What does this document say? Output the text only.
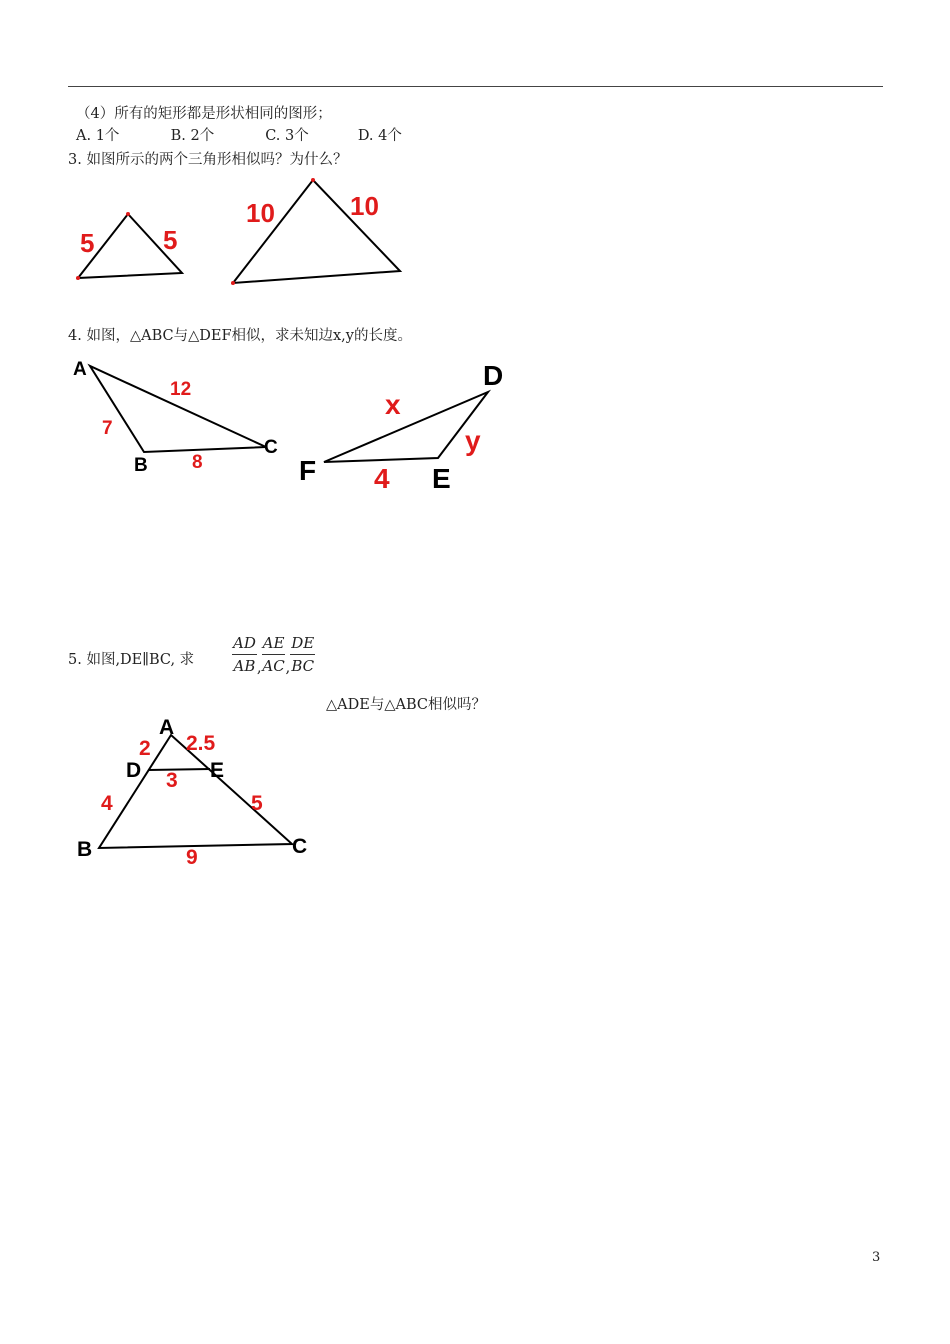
（4）所有的矩形都是形状相同的图形；
A. 1个	B. 2个	C. 3个	D. 4个
3. 如图所示的两个三角形相似吗？为什么？
4. 如图，△ABC与△DEF相似，求未知边x,y的长度。
5. 如图,DE∥BC, 求	$\frac{AD}{AB}$ , $\frac{AE}{AC}$ , $\frac{DE}{BC}$
△ADE与△ABC相似吗？
5	5
10	10
A
B
C
7
12
8
D
E
F
x
y
4
A
B	C
D	E
2 2.5
3
4	5
9
3
